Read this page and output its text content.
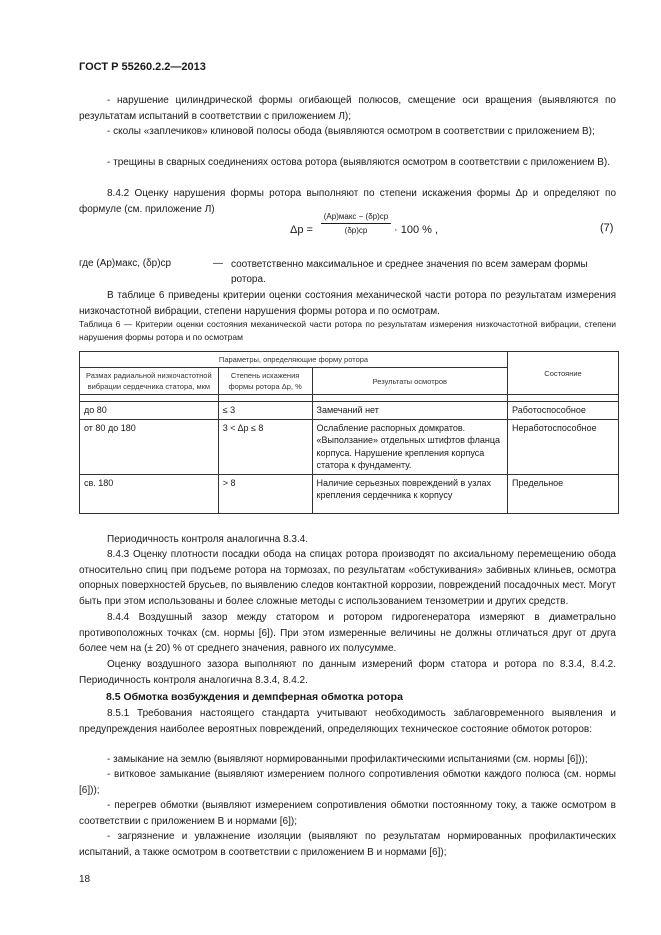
ГОСТ Р 55260.2.2—2013

- нарушение цилиндрической формы огибающей полюсов, смещение оси вращения (выявляются по результатам испытаний в соответствии с приложением Л);

- сколы «заплечиков» клиновой полосы обода (выявляются осмотром в соответствии с приложением В);

- трещины в сварных соединениях остова ротора (выявляются осмотром в соответствии с приложением В).

8.4.2 Оценку нарушения формы ротора выполняют по степени искажения формы Δр и определяют по формуле (см. приложение Л)

Δр =
(Ap)макс − (δр)ср
(δр)ср	· 100 % ,	(7)
где (Aр)макс, (δр)ср	— соответственно максимальное и среднее значения по всем замерам формы ротора.

В таблице 6 приведены критерии оценки состояния механической части ротора по результатам измерения низкочастотной вибрации, степени нарушения формы ротора и по осмотрам.

Таблица 6 — Критерии оценки состояния механической части ротора по результатам измерения низкочастотной вибрации, степени нарушения формы ротора и по осмотрам

Параметры, определяющие форму ротора			Состояние
Размах радиальной низкочастотной вибрации сердечника статора, мкм	Степень искажения формы ротора Δр, %	Результаты осмотров	

до 80	≤ 3	Замечаний нет	Работоспособное
от 80 до 180	3 < Δр ≤ 8	Ослабление распорных домкратов. «Выползание» отдельных штифтов фланца корпуса. Нарушение крепления корпуса статора к фундаменту.	Неработоспособное
св. 180	> 8	Наличие серьезных повреждений в узлах крепления сердечника к корпусу	Предельное

Периодичность контроля аналогична 8.3.4.

8.4.3 Оценку плотности посадки обода на спицах ротора производят по аксиальному перемещению обода относительно спиц при подъеме ротора на тормозах, по результатам «обстукивания» забивных клиньев, осмотра опорных поверхностей брусьев, по выявлению следов контактной коррозии, повреждений посадочных мест. Могут быть при этом использованы и более сложные методы с использованием тензометрии и других средств.

8.4.4 Воздушный зазор между статором и ротором гидрогенератора измеряют в диаметрально противоположных точках (см. нормы [6]). При этом измеренные величины не должны отличаться друг от друга более чем на (± 20) % от среднего значения, равного их полусумме.

Оценку воздушного зазора выполняют по данным измерений форм статора и ротора по 8.3.4, 8.4.2. Периодичность контроля аналогична 8.3.4, 8.4.2.

8.5 Обмотка возбуждения и демпферная обмотка ротора

8.5.1 Требования настоящего стандарта учитывают необходимость заблаговременного выявления и предупреждения наиболее вероятных повреждений, определяющих техническое состояние обмоток роторов:

- замыкание на землю (выявляют нормированными профилактическими испытаниями (см. нормы [6]));

- витковое замыкание (выявляют измерением полного сопротивления обмотки каждого полюса (см. нормы [6]));

- перегрев обмотки (выявляют измерением сопротивления обмотки постоянному току, а также осмотром в соответствии с приложением В и нормами [6]);

- загрязнение и увлажнение изоляции (выявляют по результатам нормированных профилактических испытаний, а также осмотром в соответствии с приложением В и нормами [6]);

18
